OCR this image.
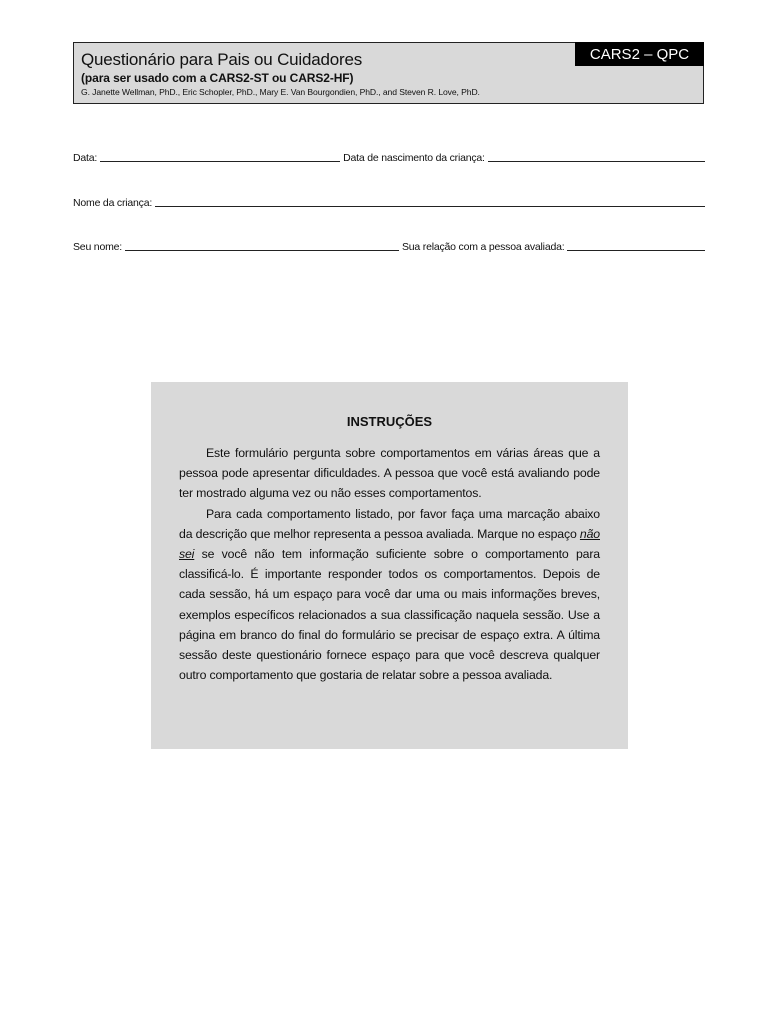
Questionário para Pais ou Cuidadores
(para ser usado com a CARS2-ST ou CARS2-HF)
G. Janette Wellman, PhD., Eric Schopler, PhD., Mary E. Van Bourgondien, PhD., and Steven R. Love, PhD.
CARS2 – QPC
Data:	Data de nascimento da criança:
Nome da criança:
Seu nome:	Sua relação com a pessoa avaliada:
INSTRUÇÕES

Este formulário pergunta sobre comportamentos em várias áreas que a pessoa pode apresentar dificuldades. A pessoa que você está avaliando pode ter mostrado alguma vez ou não esses comportamentos.

Para cada comportamento listado, por favor faça uma marcação abaixo da descrição que melhor representa a pessoa avaliada. Marque no espaço não sei se você não tem informação suficiente sobre o comportamento para classificá-lo. É importante responder todos os comportamentos. Depois de cada sessão, há um espaço para você dar uma ou mais informações breves, exemplos específicos relacionados a sua classificação naquela sessão. Use a página em branco do final do formulário se precisar de espaço extra. A última sessão deste questionário fornece espaço para que você descreva qualquer outro comportamento que gostaria de relatar sobre a pessoa avaliada.
